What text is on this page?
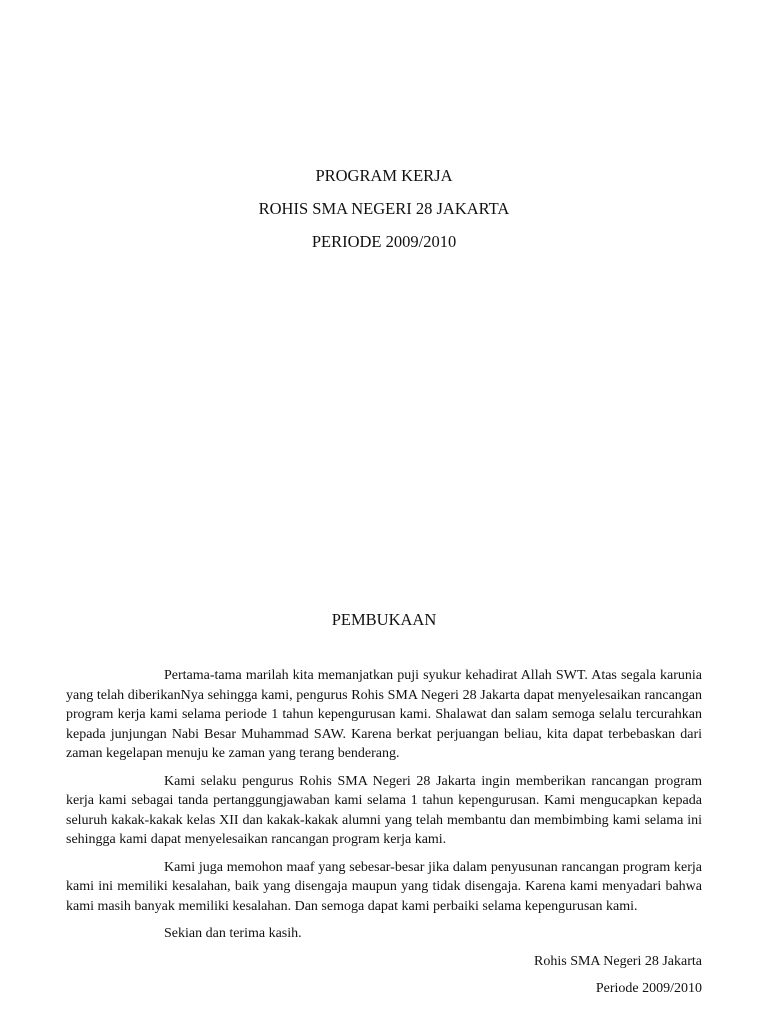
PROGRAM KERJA
ROHIS SMA NEGERI 28 JAKARTA
PERIODE 2009/2010
PEMBUKAAN

Pertama-tama marilah kita memanjatkan puji syukur kehadirat Allah SWT. Atas segala karunia yang telah diberikanNya sehingga kami, pengurus Rohis SMA Negeri 28 Jakarta dapat menyelesaikan rancangan program kerja kami selama periode 1 tahun kepengurusan kami. Shalawat dan salam semoga selalu tercurahkan kepada junjungan Nabi Besar Muhammad SAW. Karena berkat perjuangan beliau, kita dapat terbebaskan dari zaman kegelapan menuju ke zaman yang terang benderang.

Kami selaku pengurus Rohis SMA Negeri 28 Jakarta ingin memberikan rancangan program kerja kami sebagai tanda pertanggungjawaban kami selama 1 tahun kepengurusan. Kami mengucapkan kepada seluruh kakak-kakak kelas XII dan kakak-kakak alumni yang telah membantu dan membimbing kami selama ini sehingga kami dapat menyelesaikan rancangan program kerja kami.

Kami juga memohon maaf yang sebesar-besar jika dalam penyusunan rancangan program kerja kami ini memiliki kesalahan, baik yang disengaja maupun yang tidak disengaja. Karena kami menyadari bahwa kami masih banyak memiliki kesalahan. Dan semoga dapat kami perbaiki selama kepengurusan kami.

Sekian dan terima kasih.

Rohis SMA Negeri 28 Jakarta
Periode 2009/2010
